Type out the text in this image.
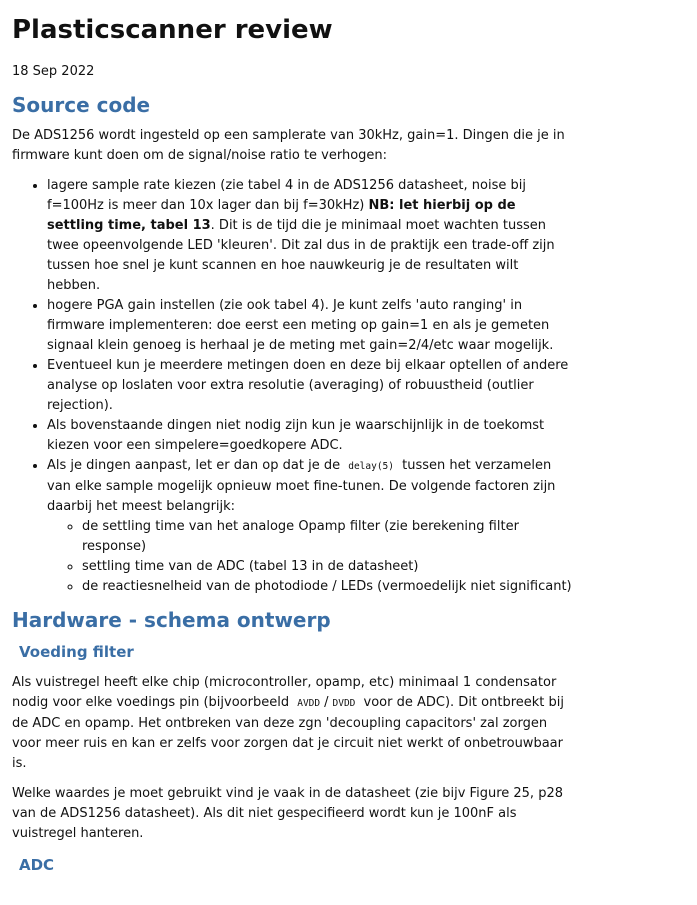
Plasticscanner review
18 Sep 2022
Source code

De ADS1256 wordt ingesteld op een samplerate van 30kHz, gain=1. Dingen die je in firmware kunt doen om de signal/noise ratio te verhogen:

• lagere sample rate kiezen (zie tabel 4 in de ADS1256 datasheet, noise bij f=100Hz is meer dan 10x lager dan bij f=30kHz) NB: let hierbij op de settling time, tabel 13. Dit is de tijd die je minimaal moet wachten tussen twee opeenvolgende LED 'kleuren'. Dit zal dus in de praktijk een trade-off zijn tussen hoe snel je kunt scannen en hoe nauwkeurig je de resultaten wilt hebben.
• hogere PGA gain instellen (zie ook tabel 4). Je kunt zelfs 'auto ranging' in firmware implementeren: doe eerst een meting op gain=1 en als je gemeten signaal klein genoeg is herhaal je de meting met gain=2/4/etc waar mogelijk.
• Eventueel kun je meerdere metingen doen en deze bij elkaar optellen of andere analyse op loslaten voor extra resolutie (averaging) of robuustheid (outlier rejection).
• Als bovenstaande dingen niet nodig zijn kun je waarschijnlijk in de toekomst kiezen voor een simpelere=goedkopere ADC.
• Als je dingen aanpast, let er dan op dat je de delay(5) tussen het verzamelen van elke sample mogelijk opnieuw moet fine-tunen. De volgende factoren zijn daarbij het meest belangrijk:
◦ de settling time van het analoge Opamp filter (zie berekening filter response)
◦ settling time van de ADC (tabel 13 in de datasheet)
◦ de reactiesnelheid van de photodiode / LEDs (vermoedelijk niet significant)
Hardware - schema ontwerp
Voeding filter

Als vuistregel heeft elke chip (microcontroller, opamp, etc) minimaal 1 condensator nodig voor elke voedings pin (bijvoorbeeld AVDD / DVDD voor de ADC). Dit ontbreekt bij de ADC en opamp. Het ontbreken van deze zgn 'decoupling capacitors' zal zorgen voor meer ruis en kan er zelfs voor zorgen dat je circuit niet werkt of onbetrouwbaar is.

Welke waardes je moet gebruikt vind je vaak in de datasheet (zie bijv Figure 25, p28 van de ADS1256 datasheet). Als dit niet gespecifieerd wordt kun je 100nF als vuistregel hanteren.

ADC
